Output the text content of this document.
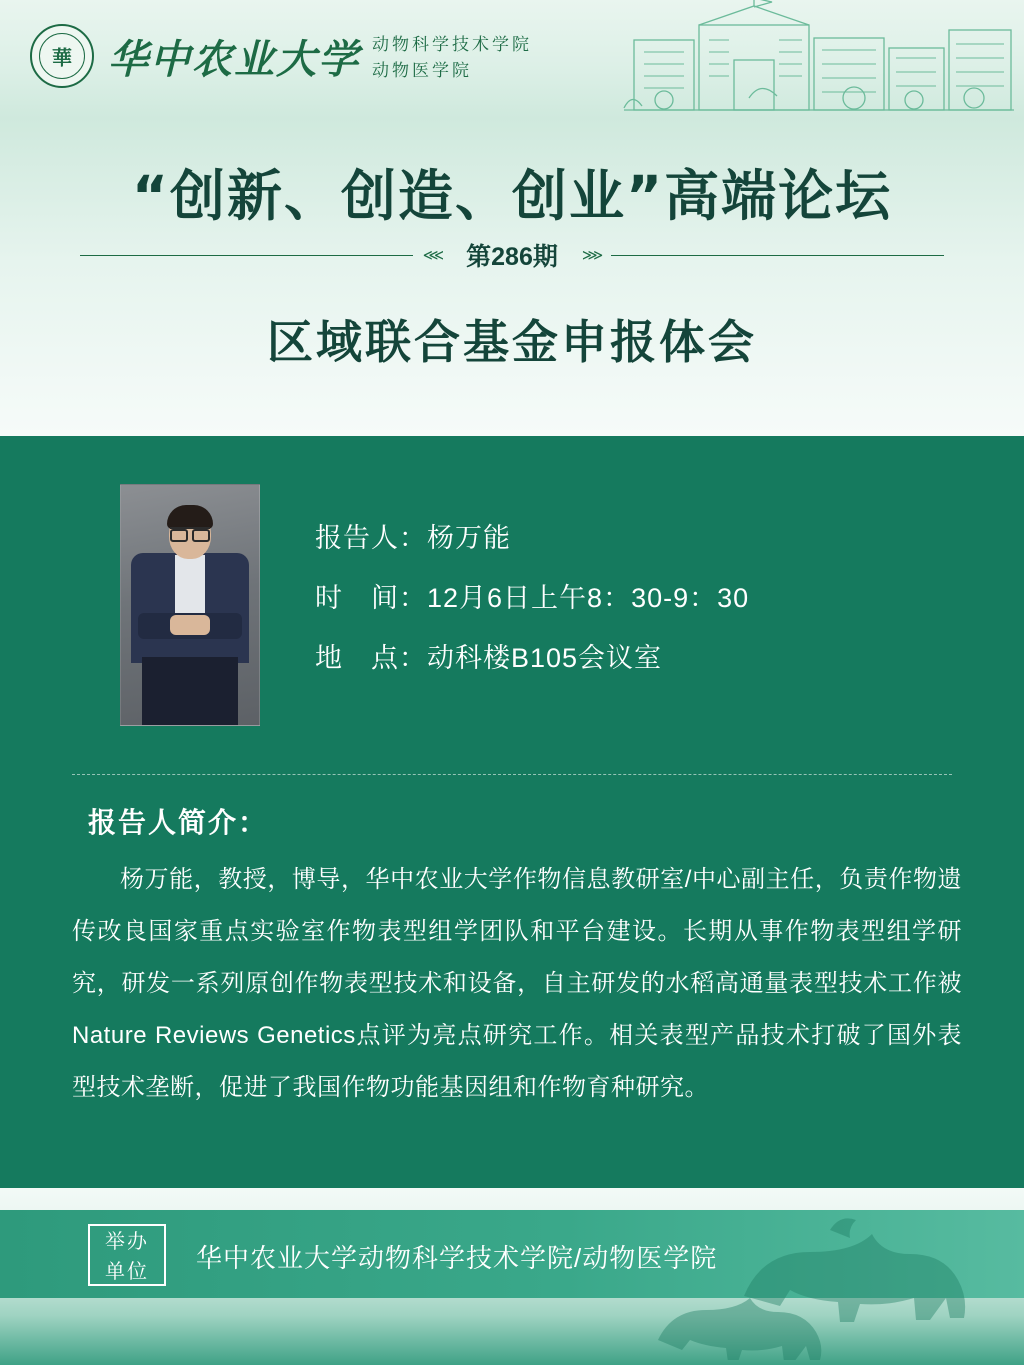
華 华中农业大学 动物科学技术学院
动物医学院
“创新、创造、创业”高端论坛
⋘ 第286期	⋙
区域联合基金申报体会
报告人：杨万能
时　间：12月6日上午8：30-9：30
地　点：动科楼B105会议室
报告人简介：
杨万能，教授，博导，华中农业大学作物信息教研室/中心副主任，负责作物遗传改良国家重点实验室作物表型组学团队和平台建设。长期从事作物表型组学研究，研发一系列原创作物表型技术和设备，自主研发的水稻高通量表型技术工作被Nature Reviews Genetics点评为亮点研究工作。相关表型产品技术打破了国外表型技术垄断，促进了我国作物功能基因组和作物育种研究。
举办
单位	华中农业大学动物科学技术学院/动物医学院
